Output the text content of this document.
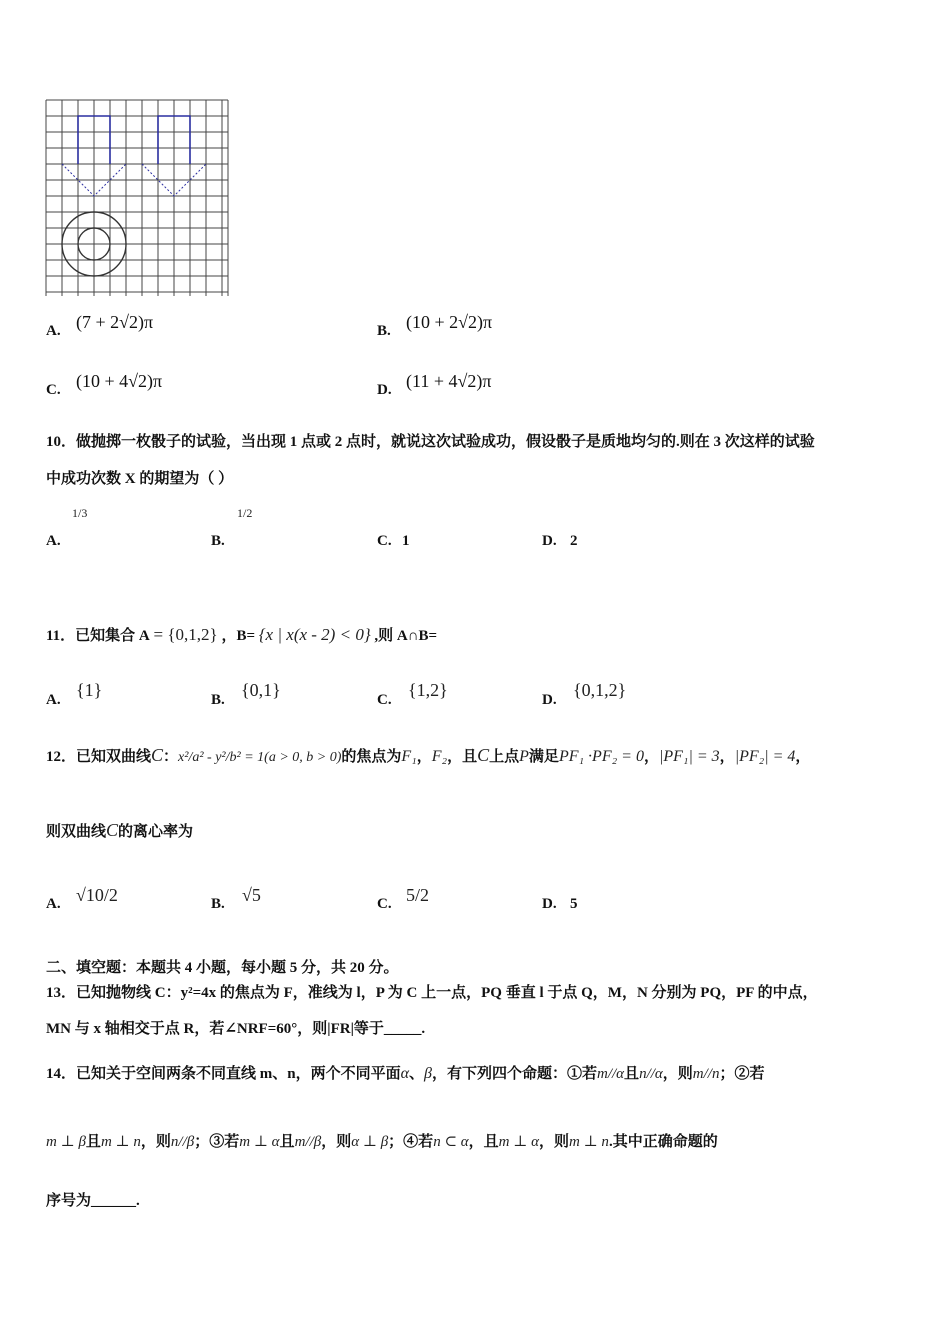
A. (7 + 2√2)π	B. (10 + 2√2)π
C. (10 + 4√2)π	D. (11 + 4√2)π
10．做抛掷一枚骰子的试验，当出现 1 点或 2 点时，就说这次试验成功，假设骰子是质地均匀的.则在 3 次这样的试验
中成功次数 X 的期望为（ ）
A.
1/3
B.
1/2
C. 1	D. 2
11．已知集合 A = {0,1,2} ，B= {x | x(x - 2) < 0} ,则 A∩B=
A. {1}	B. {0,1}	C. {1,2}	D. {0,1,2}
12．已知双曲线C：x²/a² - y²/b² = 1(a > 0, b > 0)的焦点为F₁，F₂，且C上点P满足PF₁ ·PF₂ = 0，|PF₁| = 3，|PF₂| = 4，
则双曲线C的离心率为
A. √10/2	B. √5	C. 5/2	D. 5
二、填空题：本题共 4 小题，每小题 5 分，共 20 分。
13．已知抛物线 C：y²=4x 的焦点为 F，准线为 l，P 为 C 上一点，PQ 垂直 l 于点 Q，M，N 分别为 PQ，PF 的中点，
MN 与 x 轴相交于点 R，若∠NRF=60°，则|FR|等于_____.
14．已知关于空间两条不同直线 m、n，两个不同平面α、β，有下列四个命题：①若m//α且n//α，则m//n；②若
m ⊥ β且m ⊥ n，则n//β；③若m ⊥ α且m//β，则α ⊥ β；④若n ⊂ α，且m ⊥ α，则m ⊥ n.其中正确命题的
序号为______.
